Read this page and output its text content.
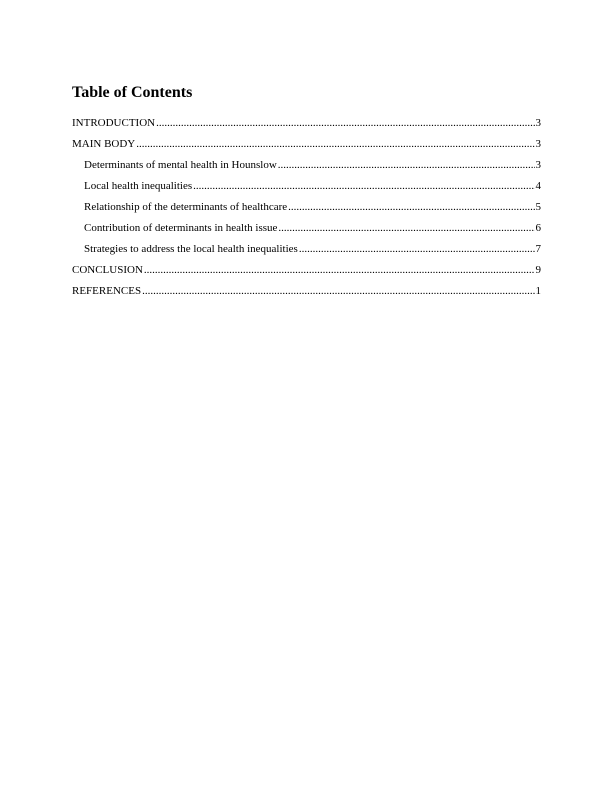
Table of Contents
INTRODUCTION .....	3
MAIN BODY .....	3
Determinants of mental health in Hounslow .....	3
Local health inequalities .....	4
Relationship of the determinants of healthcare .....	5
Contribution of determinants in health issue .....	6
Strategies to address the local health inequalities .....	7
CONCLUSION .....	9
REFERENCES .....	1
